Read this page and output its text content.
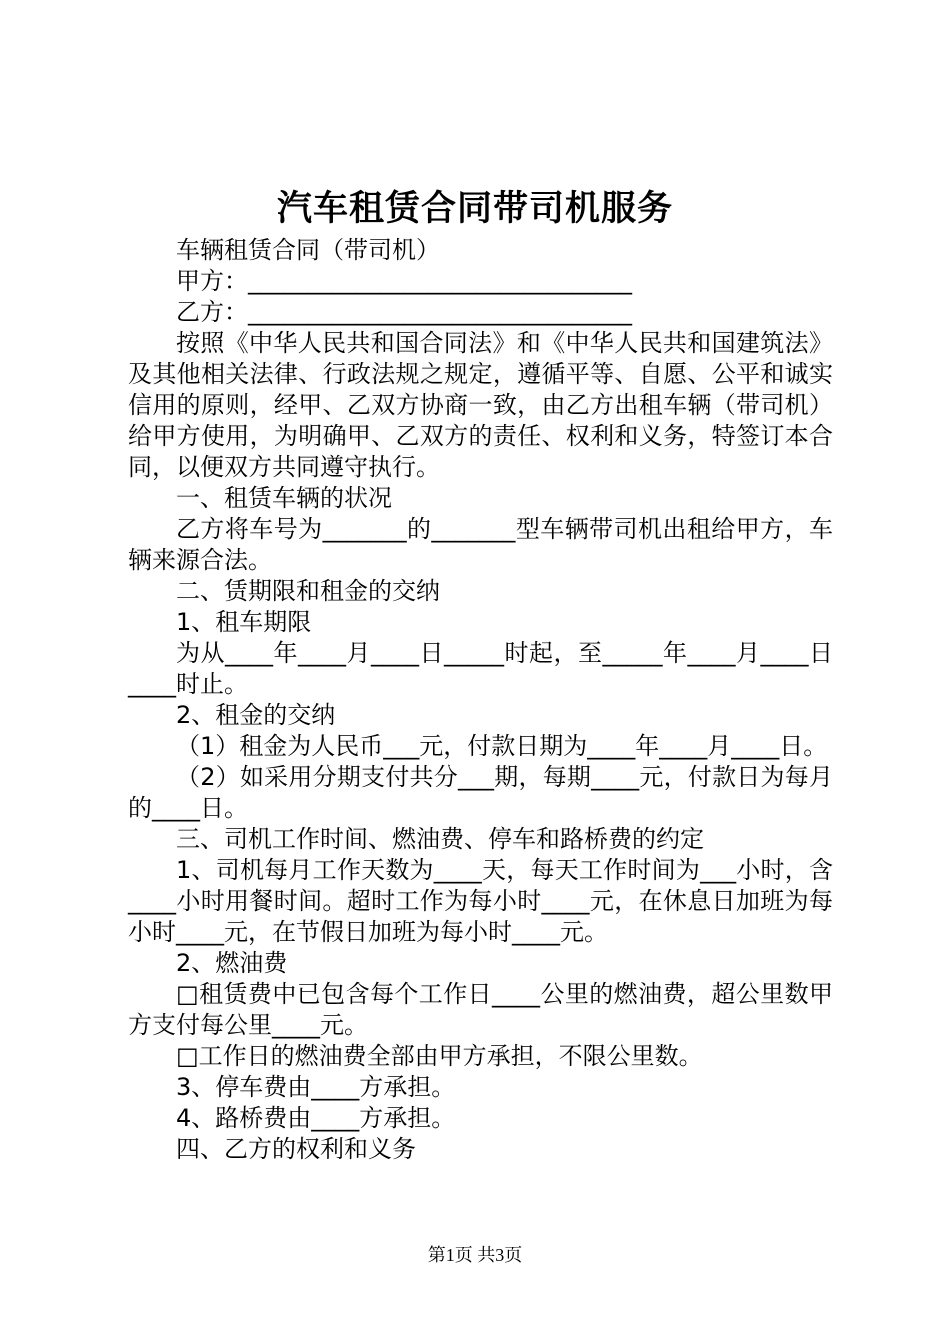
汽车租赁合同带司机服务

车辆租赁合同（带司机）

甲方：________________________________

乙方：________________________________

按照《中华人民共和国合同法》和《中华人民共和国建筑法》及其他相关法律、行政法规之规定，遵循平等、自愿、公平和诚实信用的原则，经甲、乙双方协商一致，由乙方出租车辆（带司机）给甲方使用，为明确甲、乙双方的责任、权利和义务，特签订本合同，以便双方共同遵守执行。

一、租赁车辆的状况

乙方将车号为_______的_______型车辆带司机出租给甲方，车辆来源合法。

二、赁期限和租金的交纳

1、租车期限

为从____年____月____日_____时起，至_____年____月____日____时止。

2、租金的交纳

（1）租金为人民币___元，付款日期为____年____月____日。

（2）如采用分期支付共分___期，每期____元，付款日为每月的____日。

三、司机工作时间、燃油费、停车和路桥费的约定

1、司机每月工作天数为____天，每天工作时间为___小时，含____小时用餐时间。超时工作为每小时____元，在休息日加班为每小时____元，在节假日加班为每小时____元。

2、燃油费

□租赁费中已包含每个工作日____公里的燃油费，超公里数甲方支付每公里____元。

□工作日的燃油费全部由甲方承担，不限公里数。

3、停车费由____方承担。

4、路桥费由____方承担。

四、乙方的权利和义务

第1页 共3页
